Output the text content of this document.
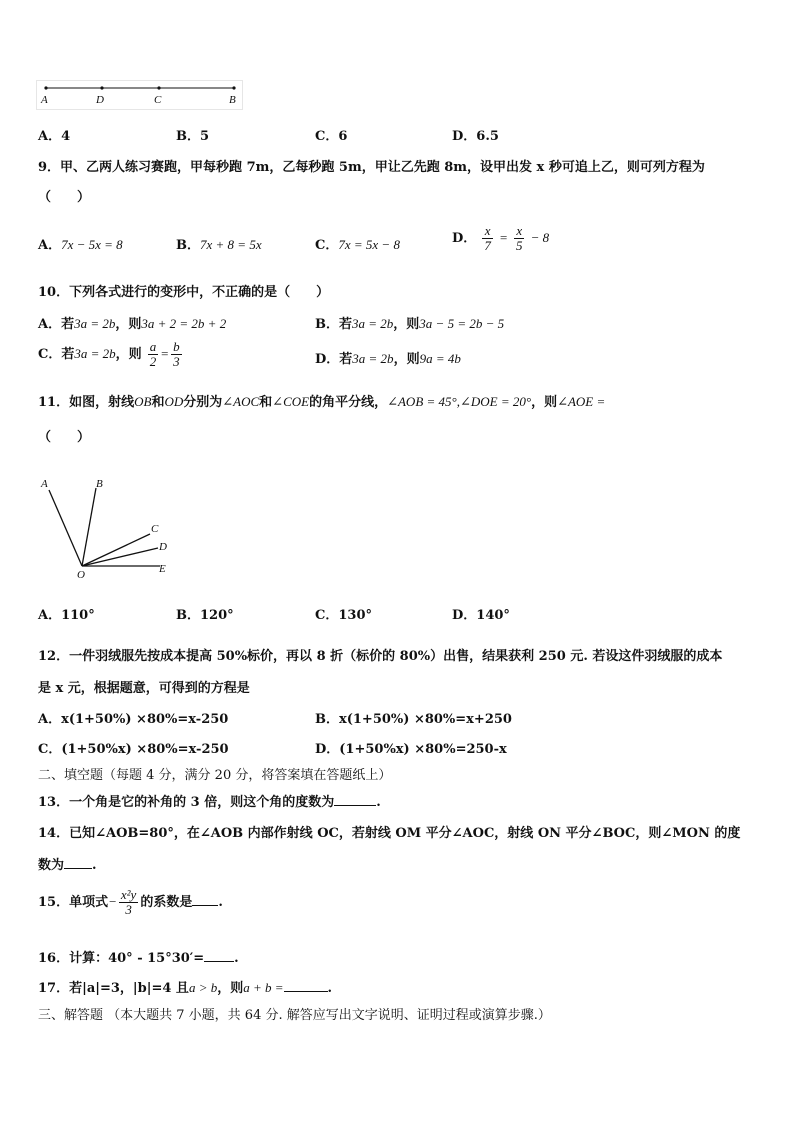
A	D	C	B
A．4	B．5	C．6	D．6.5
9．甲、乙两人练习赛跑，甲每秒跑 7m，乙每秒跑 5m，甲让乙先跑 8m，设甲出发 x 秒可追上乙，则可列方程为
（　　）
A．7x − 5x = 8	B．7x + 8 = 5x	C．7x = 5x − 8	D． $\frac{x}{7} = \frac{x}{5} - 8$
10．下列各式进行的变形中，不正确的是（　　）
A．若3a = 2b，则3a + 2 = 2b + 2	B．若3a = 2b，则3a − 5 = 2b − 5
C．若3a = 2b，则 $\frac{a}{2} = \frac{b}{3}$	D．若3a = 2b，则9a = 4b
11．如图，射线OB和OD分别为∠AOC和∠COE的角平分线，∠AOB = 45°,∠DOE = 20°，则∠AOE =
（　　）
A	B
C
D
O	E
A．110°	B．120°	C．130°	D．140°
12．一件羽绒服先按成本提高 50%标价，再以 8 折（标价的 80%）出售，结果获利 250 元. 若设这件羽绒服的成本
是 x 元，根据题意，可得到的方程是
A．x(1+50%) ×80%=x-250	B．x(1+50%) ×80%=x+250
C．(1+50%x) ×80%=x-250	D．(1+50%x) ×80%=250-x
二、填空题（每题 4 分，满分 20 分，将答案填在答题纸上）
13．一个角是它的补角的 3 倍，则这个角的度数为	.
14．已知∠AOB=80°，在∠AOB 内部作射线 OC，若射线 OM 平分∠AOC，射线 ON 平分∠BOC，则∠MON 的度
数为 .
15．单项式− $\frac{\text{x²y}}{3}$ 的系数是 .
16．计算：40° - 15°30′= .
17．若|a|=3，|b|=4 且a > b，则a + b =	.
三、解答题 （本大题共 7 小题，共 64 分. 解答应写出文字说明、证明过程或演算步骤.）
